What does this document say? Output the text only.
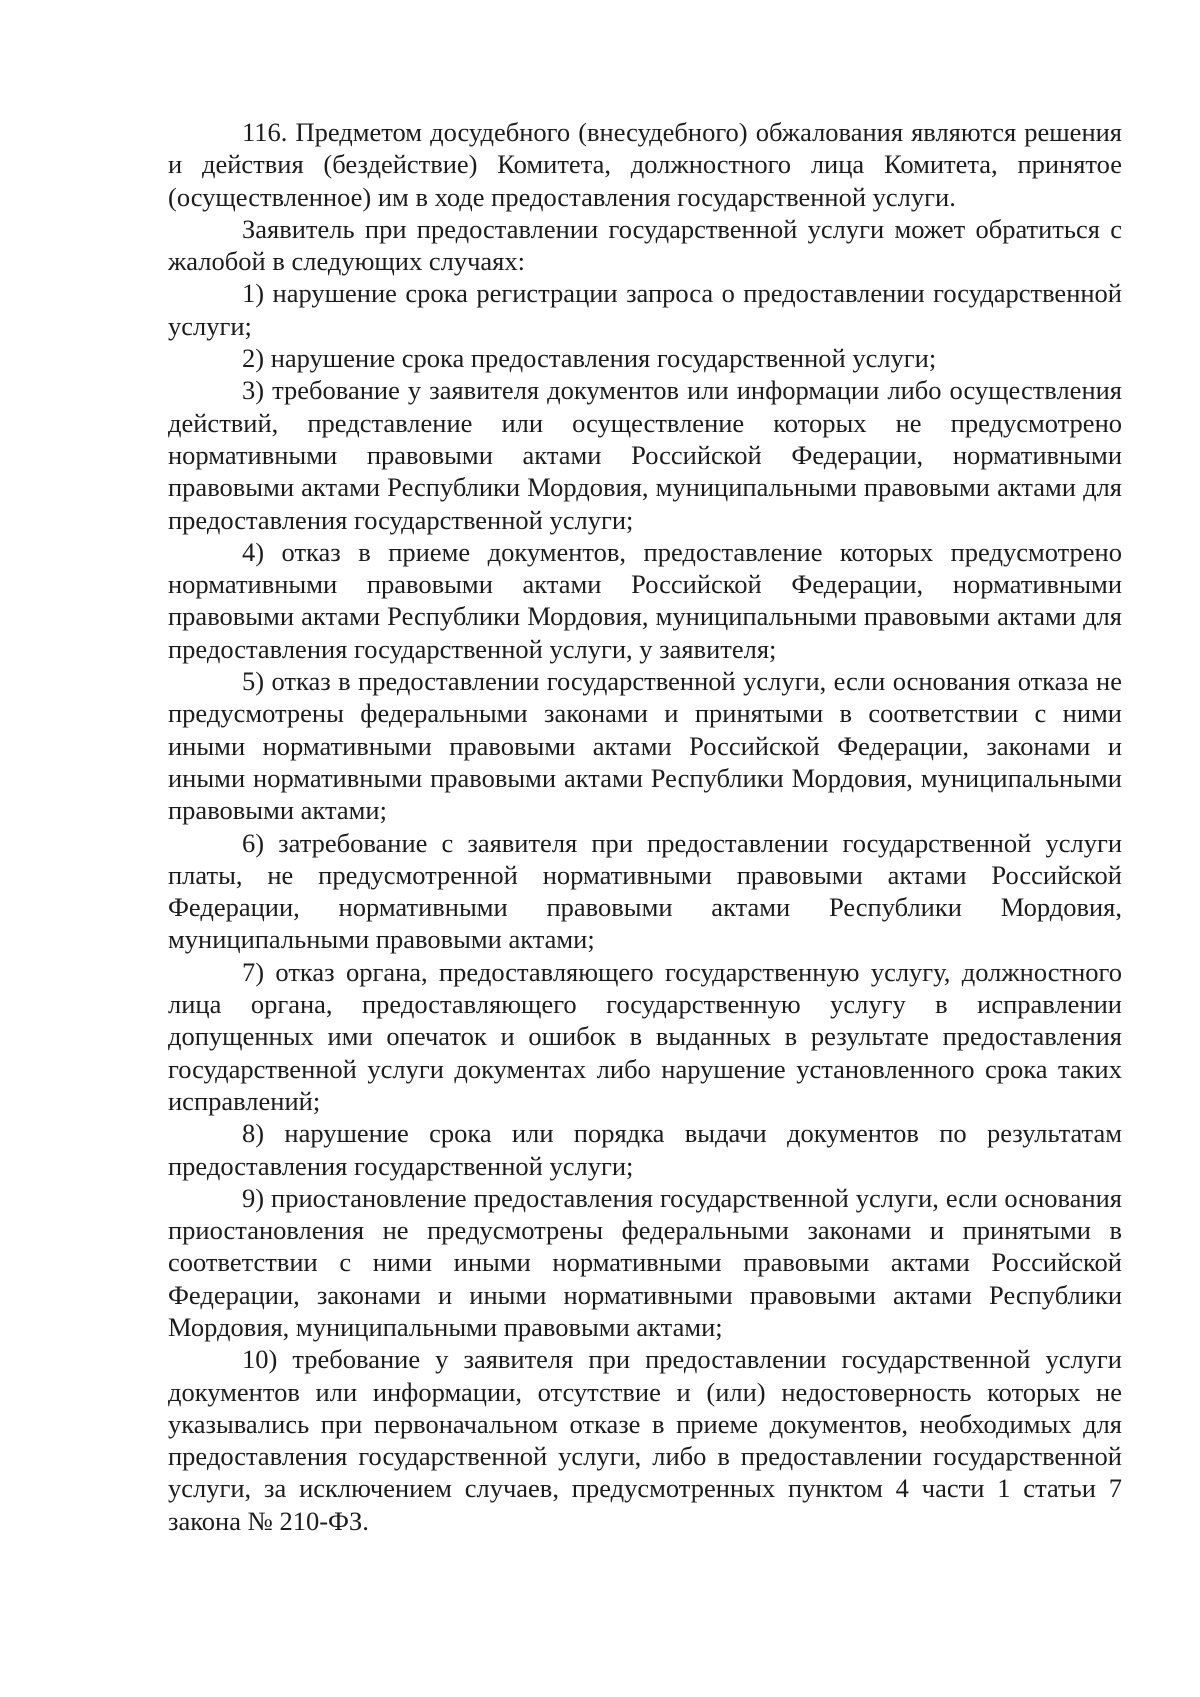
116. Предметом досудебного (внесудебного) обжалования являются решения и действия (бездействие) Комитета, должностного лица Комитета, принятое (осуществленное) им в ходе предоставления государственной услуги.

Заявитель при предоставлении государственной услуги может обратиться с жалобой в следующих случаях:

1) нарушение срока регистрации запроса о предоставлении государственной услуги;

2) нарушение срока предоставления государственной услуги;

3) требование у заявителя документов или информации либо осуществления действий, представление или осуществление которых не предусмотрено нормативными правовыми актами Российской Федерации, нормативными правовыми актами Республики Мордовия, муниципальными правовыми актами для предоставления государственной услуги;

4) отказ в приеме документов, предоставление которых предусмотрено нормативными правовыми актами Российской Федерации, нормативными правовыми актами Республики Мордовия, муниципальными правовыми актами для предоставления государственной услуги, у заявителя;

5) отказ в предоставлении государственной услуги, если основания отказа не предусмотрены федеральными законами и принятыми в соответствии с ними иными нормативными правовыми актами Российской Федерации, законами и иными нормативными правовыми актами Республики Мордовия, муниципальными правовыми актами;

6) затребование с заявителя при предоставлении государственной услуги платы, не предусмотренной нормативными правовыми актами Российской Федерации, нормативными правовыми актами Республики Мордовия, муниципальными правовыми актами;

7) отказ органа, предоставляющего государственную услугу, должностного лица органа, предоставляющего государственную услугу в исправлении допущенных ими опечаток и ошибок в выданных в результате предоставления государственной услуги документах либо нарушение установленного срока таких исправлений;

8) нарушение срока или порядка выдачи документов по результатам предоставления государственной услуги;

9) приостановление предоставления государственной услуги, если основания приостановления не предусмотрены федеральными законами и принятыми в соответствии с ними иными нормативными правовыми актами Российской Федерации, законами и иными нормативными правовыми актами Республики Мордовия, муниципальными правовыми актами;

10) требование у заявителя при предоставлении государственной услуги документов или информации, отсутствие и (или) недостоверность которых не указывались при первоначальном отказе в приеме документов, необходимых для предоставления государственной услуги, либо в предоставлении государственной услуги, за исключением случаев, предусмотренных пунктом 4 части 1 статьи 7 закона № 210-ФЗ.
